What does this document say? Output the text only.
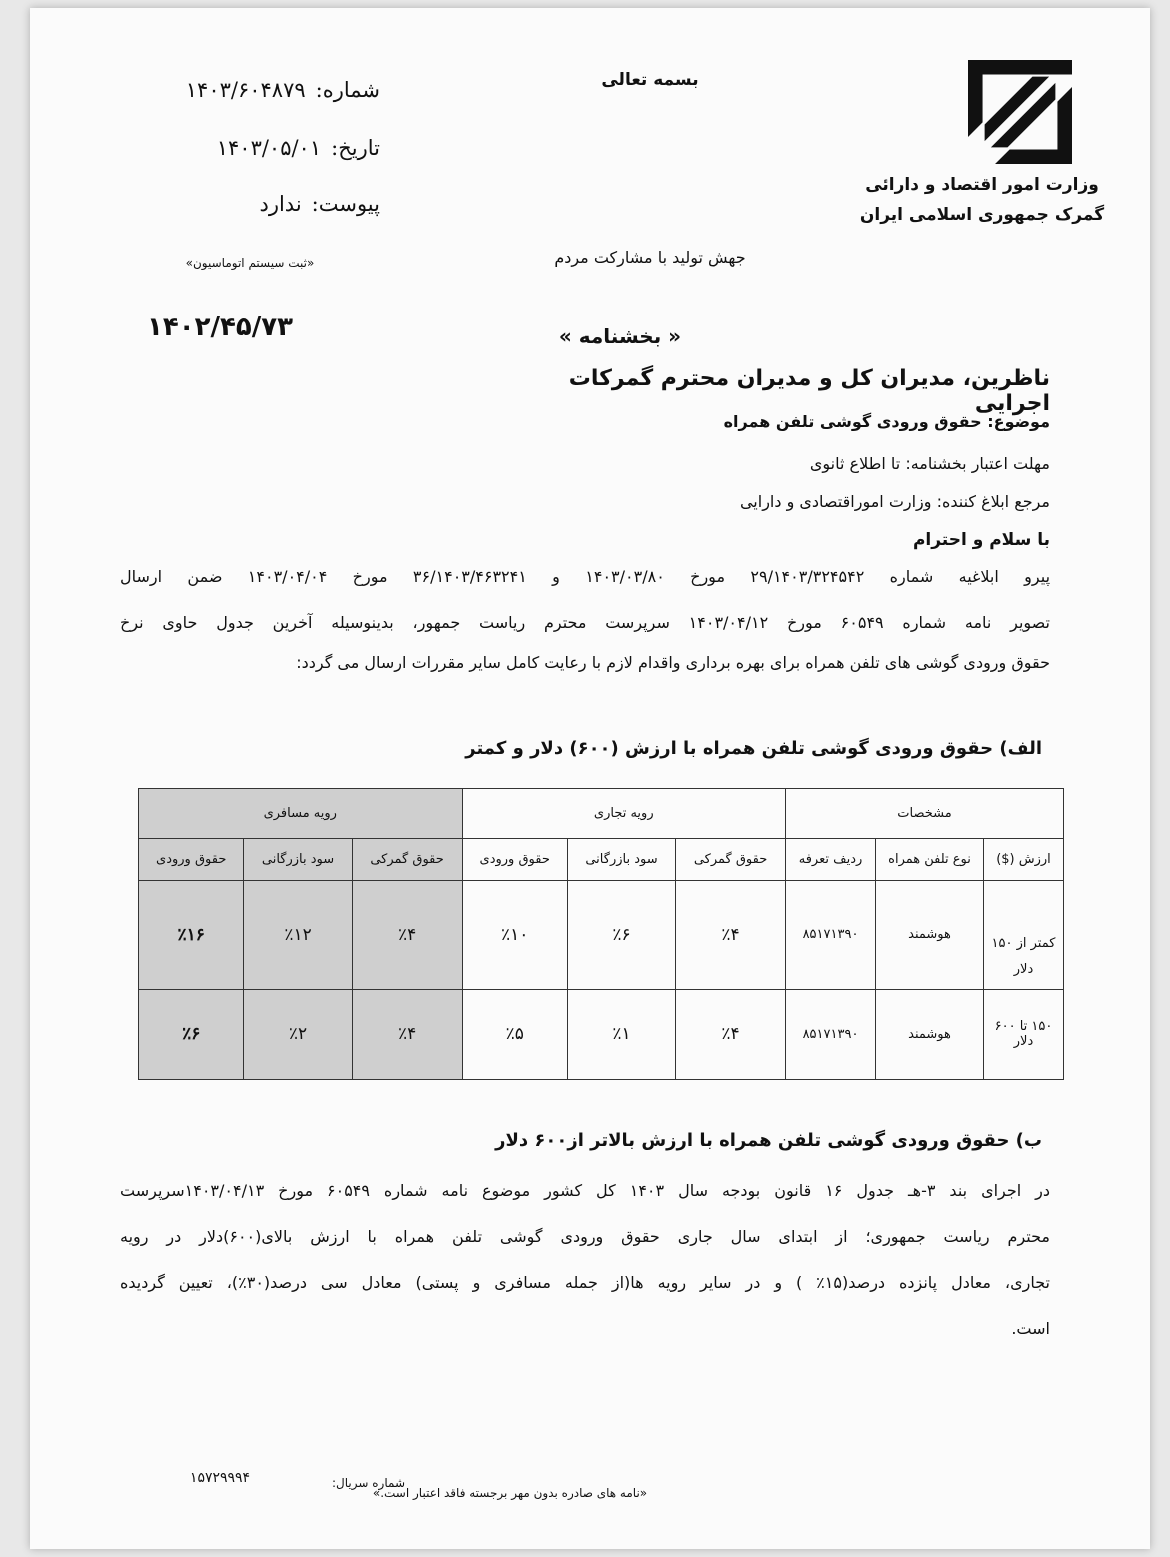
وزارت امور اقتصاد و دارائی
گمرک جمهوری اسلامی ایران
بسمه تعالی
شماره:
۱۴۰۳/۶۰۴۸۷۹
تاریخ:
۱۴۰۳/۰۵/۰۱
پیوست:
ندارد
«ثبت سیستم اتوماسیون»	جهش تولید با مشارکت مردم
۱۴۰۲/۴۵/۷۳	« بخشنامه »
ناظرین، مدیران کل و مدیران محترم گمرکات اجرایی
موضوع: حقوق ورودی گوشی تلفن همراه
مهلت اعتبار بخشنامه: تا اطلاع ثانوی
مرجع ابلاغ کننده: وزارت اموراقتصادی و دارایی
با سلام و احترام
پیرو ابلاغیه شماره ۲۹/۱۴۰۳/۳۲۴۵۴۲ مورخ ۱۴۰۳/۰۳/۸۰ و ۳۶/۱۴۰۳/۴۶۳۲۴۱ مورخ ۱۴۰۳/۰۴/۰۴ ضمن ارسال
تصویر نامه شماره ۶۰۵۴۹ مورخ ۱۴۰۳/۰۴/۱۲ سرپرست محترم ریاست جمهور، بدینوسیله آخرین جدول حاوی نرخ
حقوق ورودی گوشی های تلفن همراه برای بهره برداری واقدام لازم با رعایت کامل سایر مقررات ارسال می گردد:
الف) حقوق ورودی گوشی تلفن همراه با ارزش (۶۰۰) دلار و کمتر
مشخصات			رویه تجاری			رویه مسافری		
ارزش ($)	نوع تلفن همراه	ردیف تعرفه	حقوق گمرکی	سود بازرگانی	حقوق ورودی	حقوق گمرکی	سود بازرگانی	حقوق ورودی
کمتر از ۱۵۰ دلار	هوشمند	۸۵۱۷۱۳۹۰	٪۴	٪۶	٪۱۰	٪۴	٪۱۲	٪۱۶
۱۵۰ تا ۶۰۰ دلار	هوشمند	۸۵۱۷۱۳۹۰	٪۴	٪۱	٪۵	٪۴	٪۲	٪۶
ب) حقوق ورودی گوشی تلفن همراه با ارزش بالاتر از۶۰۰ دلار
در اجرای بند ۳-هـ جدول ۱۶ قانون بودجه سال ۱۴۰۳ کل کشور موضوع نامه شماره ۶۰۵۴۹ مورخ ۱۴۰۳/۰۴/۱۳سرپرست
محترم ریاست جمهوری؛ از ابتدای سال جاری حقوق ورودی گوشی تلفن همراه با ارزش بالای(۶۰۰)دلار در رویه
تجاری، معادل پانزده درصد(۱۵٪ ) و در سایر رویه ها(از جمله مسافری و پستی) معادل سی درصد(۳۰٪)، تعیین گردیده
است.
شماره سریال:
۱۵۷۲۹۹۹۴
«نامه های صادره بدون مهر برجسته فاقد اعتبار است.»
